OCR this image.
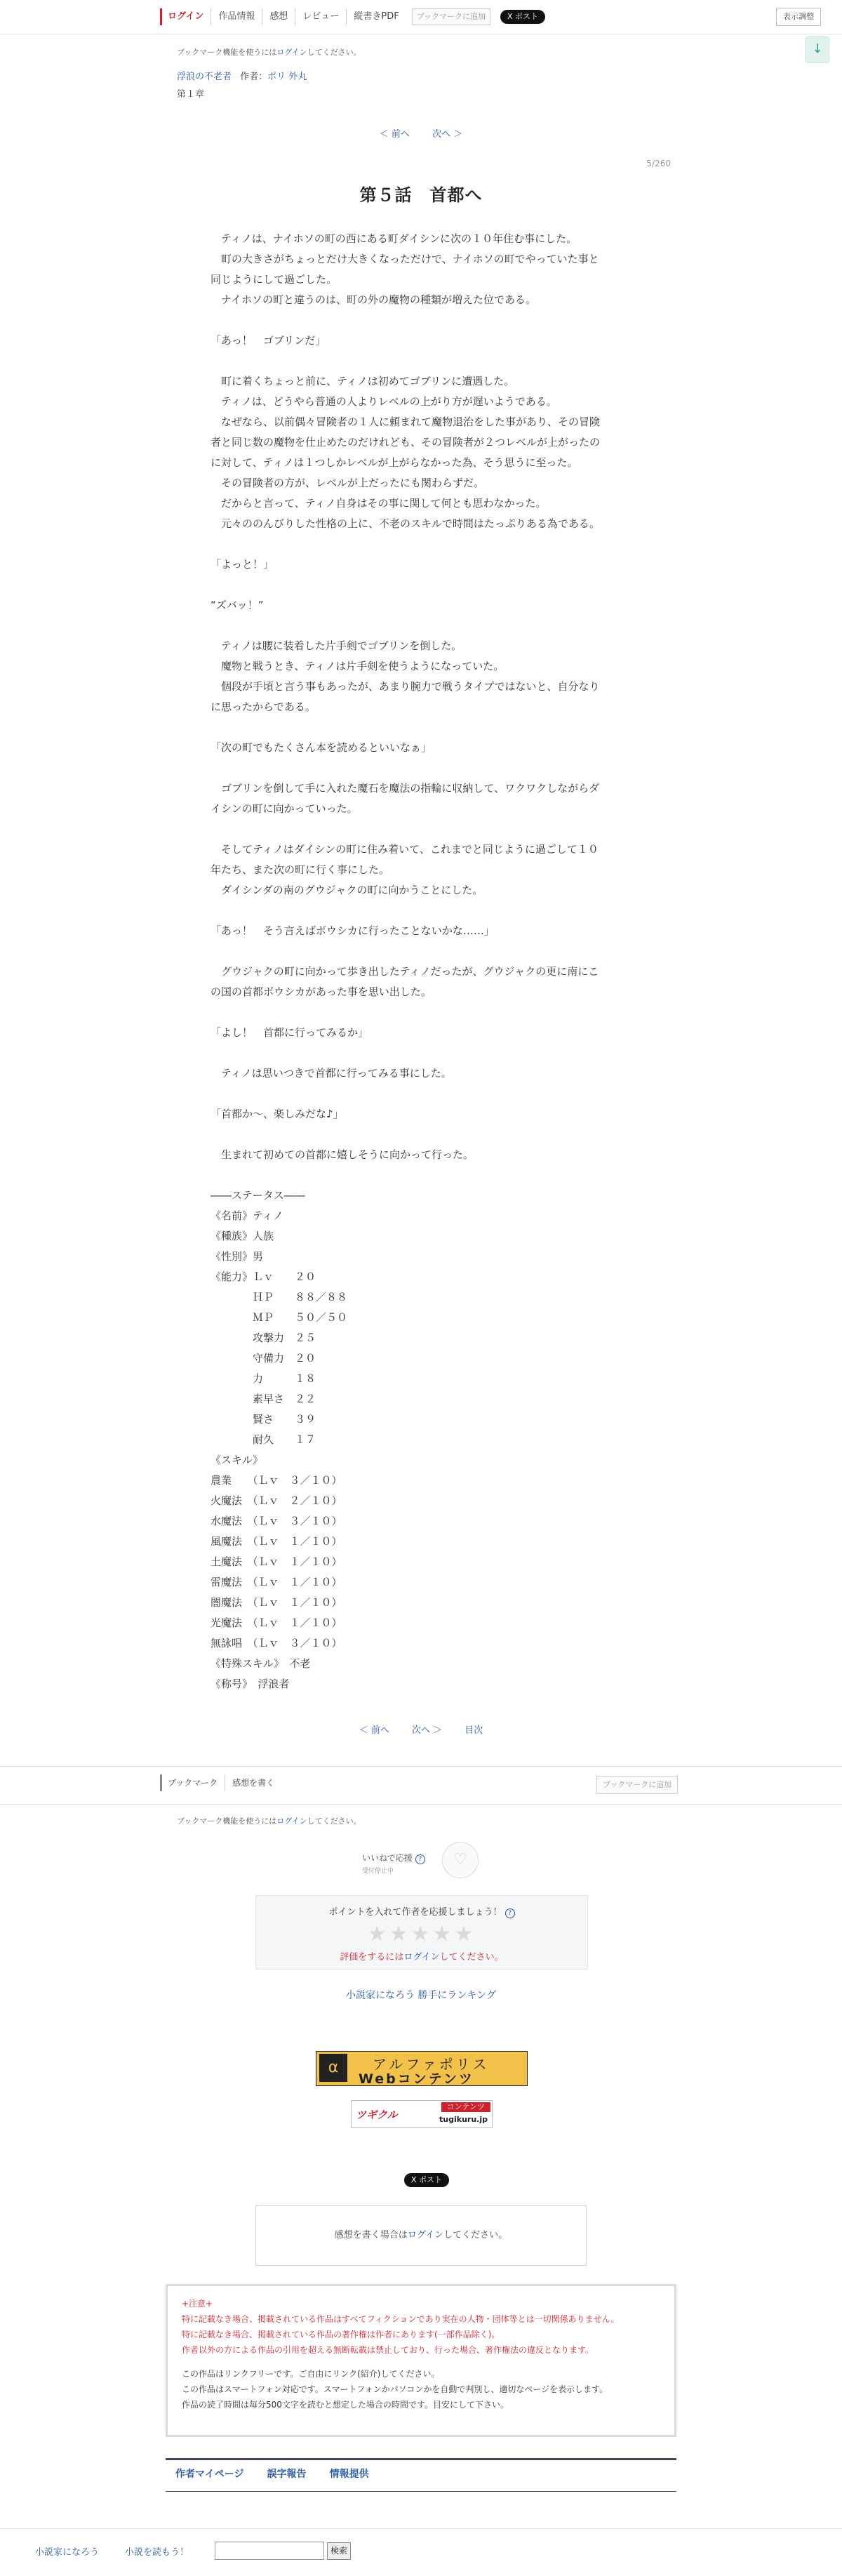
ログイン	作品情報	感想	レビュー	縦書きPDF	ブックマークに追加	X ポスト	表示調整
↓
ブックマーク機能を使うにはログインしてください。
浮浪の不老者 作者：ポリ 外丸
第１章
＜ 前へ 次へ ＞
5/260
第５話　首都へ
　ティノは、ナイホソの町の西にある町ダイシンに次の１０年住む事にした。
　町の大きさがちょっとだけ大きくなっただけで、ナイホソの町でやっていた事と
同じようにして過ごした。
　ナイホソの町と違うのは、町の外の魔物の種類が増えた位である。
「あっ！　ゴブリンだ」
　町に着くちょっと前に、ティノは初めてゴブリンに遭遇した。
　ティノは、どうやら普通の人よりレベルの上がり方が遅いようである。
　なぜなら、以前偶々冒険者の１人に頼まれて魔物退治をした事があり、その冒険
者と同じ数の魔物を仕止めたのだけれども、その冒険者が２つレベルが上がったの
に対して、ティノは１つしかレベルが上がらなかった為、そう思うに至った。
　その冒険者の方が、レベルが上だったにも関わらずだ。
　だからと言って、ティノ自身はその事に関して何とも思わなかった。
　元々ののんびりした性格の上に、不老のスキルで時間はたっぷりある為である。
「よっと！」
“ズバッ！”
　ティノは腰に装着した片手剣でゴブリンを倒した。
　魔物と戦うとき、ティノは片手剣を使うようになっていた。
　個段が手頃と言う事もあったが、あまり腕力で戦うタイプではないと、自分なり
に思ったからである。
「次の町でもたくさん本を読めるといいなぁ」
　ゴブリンを倒して手に入れた魔石を魔法の指輪に収納して、ワクワクしながらダ
イシンの町に向かっていった。
　そしてティノはダイシンの町に住み着いて、これまでと同じように過ごして１０
年たち、また次の町に行く事にした。
　ダイシンダの南のグウジャクの町に向かうことにした。
「あっ！　そう言えばボウシカに行ったことないかな……」
　グウジャクの町に向かって歩き出したティノだったが、グウジャクの更に南にこ
の国の首都ボウシカがあった事を思い出した。
「よし！　首都に行ってみるか」
　ティノは思いつきで首都に行ってみる事にした。
「首都か〜、楽しみだな♪」
　生まれて初めての首都に嬉しそうに向かって行った。
――ステータス――
《名前》ティノ
《種族》人族
《性別》男
《能力》Ｌｖ　　２０
　　　　ＨＰ　　８８／８８
　　　　ＭＰ　　５０／５０
　　　　攻撃力　２５
　　　　守備力　２０
　　　　力　　　１８
　　　　素早さ　２２
　　　　賢さ　　３９
　　　　耐久　　１７
《スキル》
農業　　（Ｌｖ　３／１０）
火魔法　（Ｌｖ　２／１０）
水魔法　（Ｌｖ　３／１０）
風魔法　（Ｌｖ　１／１０）
土魔法　（Ｌｖ　１／１０）
雷魔法　（Ｌｖ　１／１０）
闇魔法　（Ｌｖ　１／１０）
光魔法　（Ｌｖ　１／１０）
無詠唱　（Ｌｖ　３／１０）
《特殊スキル》　不老
《称号》　浮浪者
＜ 前へ 次へ ＞ 目次
ブックマーク	感想を書く	ブックマークに追加
ブックマーク機能を使うにはログインしてください。
いいねで応援 ?
受付停止中
♡
ポイントを入れて作者を応援しましょう！ ?
★★★★★
評価をするにはログインしてください。
小説家になろう 勝手にランキング
α	アルファポリス
Webコンテンツ
ツギクル
コンテンツ
tugikuru.jp
X ポスト
感想を書く場合はログインしてください。
+注意+
特に記載なき場合、掲載されている作品はすべてフィクションであり実在の人物・団体等とは一切関係ありません。
特に記載なき場合、掲載されている作品の著作権は作者にあります(一部作品除く)。
作者以外の方による作品の引用を超える無断転載は禁止しており、行った場合、著作権法の違反となります。
この作品はリンクフリーです。ご自由にリンク(紹介)してください。
この作品はスマートフォン対応です。スマートフォンかパソコンかを自動で判別し、適切なページを表示します。
作品の読了時間は毎分500文字を読むと想定した場合の時間です。目安にして下さい。
作者マイページ 誤字報告 情報提供
小説家になろう	小説を読もう！	検索
